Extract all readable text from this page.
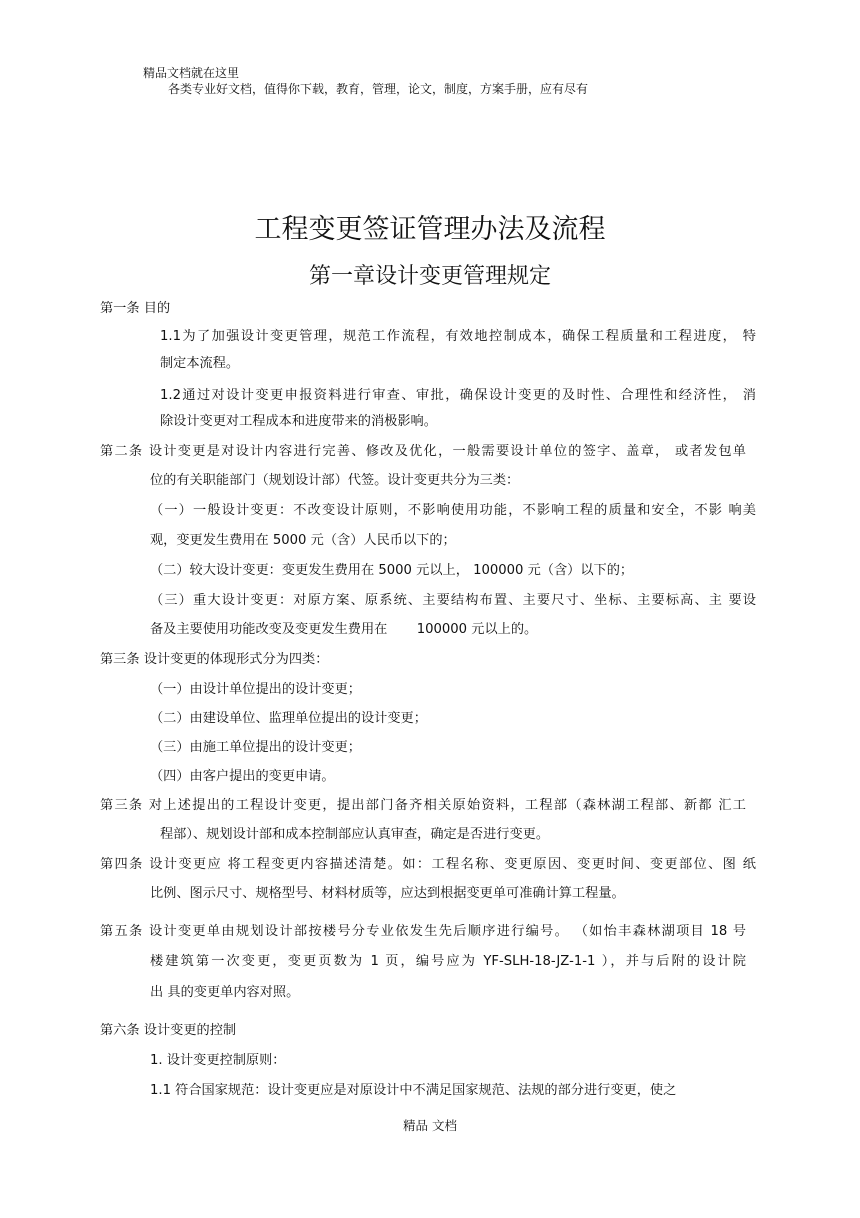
精品文档就在这里
各类专业好文档，值得你下载，教育，管理，论文，制度，方案手册，应有尽有
工程变更签证管理办法及流程
第一章设计变更管理规定
第一条 目的
1.1为了加强设计变更管理，规范工作流程，有效地控制成本，确保工程质量和工程进度， 特
制定本流程。
1.2通过对设计变更申报资料进行审查、审批，确保设计变更的及时性、合理性和经济性， 消
除设计变更对工程成本和进度带来的消极影响。
第二条 设计变更是对设计内容进行完善、修改及优化，一般需要设计单位的签字、盖章， 或者发包单
位的有关职能部门（规划设计部）代签。设计变更共分为三类：
（一）一般设计变更：不改变设计原则，不影响使用功能，不影响工程的质量和安全，不影 响美
观，变更发生费用在 5000 元（含）人民币以下的；
（二）较大设计变更：变更发生费用在 5000 元以上， 100000 元（含）以下的；
（三）重大设计变更：对原方案、原系统、主要结构布置、主要尺寸、坐标、主要标高、主 要设
备及主要使用功能改变及变更发生费用在       100000 元以上的。
第三条 设计变更的体现形式分为四类：
（一）由设计单位提出的设计变更；
（二）由建设单位、监理单位提出的设计变更；
（三）由施工单位提出的设计变更；
（四）由客户提出的变更申请。
第三条 对上述提出的工程设计变更，提出部门备齐相关原始资料，工程部（森林湖工程部、新都 汇工
程部）、规划设计部和成本控制部应认真审查，确定是否进行变更。
第四条 设计变更应 将工程变更内容描述清楚。如：工程名称、变更原因、变更时间、变更部位、图 纸
比例、图示尺寸、规格型号、材料材质等，应达到根据变更单可准确计算工程量。
第五条 设计变更单由规划设计部按楼号分专业依发生先后顺序进行编号。 （如怡丰森林湖项目 18 号
楼建筑第一次变更，变更页数为 1 页，编号应为 YF-SLH-18-JZ-1-1 ），并与后附的设计院
出 具的变更单内容对照。
第六条 设计变更的控制
1. 设计变更控制原则：
1.1 符合国家规范：设计变更应是对原设计中不满足国家规范、法规的部分进行变更，使之
精品 文档
